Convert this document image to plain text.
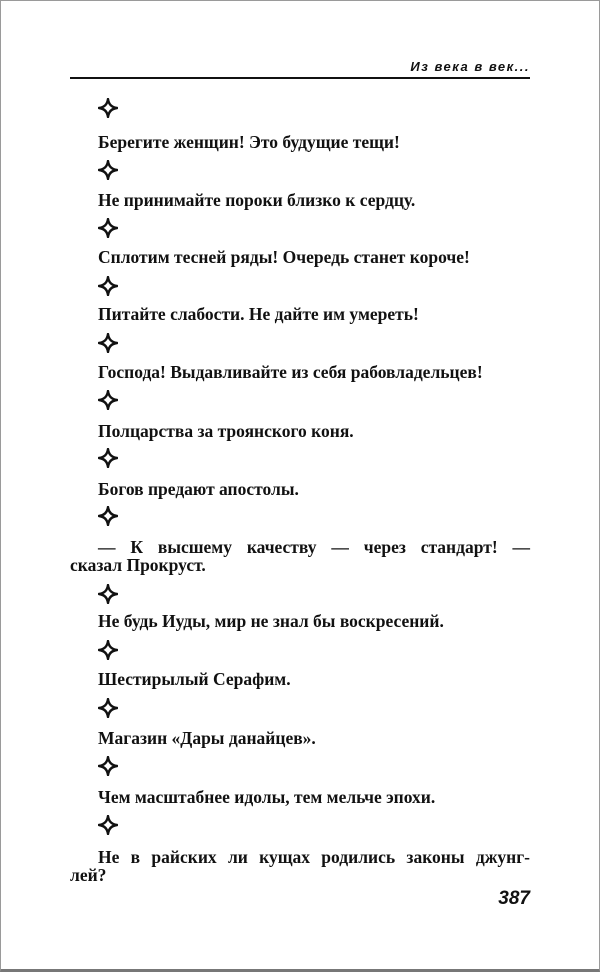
Из века в век...
Берегите женщин! Это будущие тещи!
Не принимайте пороки близко к сердцу.
Сплотим тесней ряды! Очередь станет короче!
Питайте слабости. Не дайте им умереть!
Господа! Выдавливайте из себя рабовладельцев!
Полцарства за троянского коня.
Богов предают апостолы.
— К высшему качеству — через стандарт! —
сказал Прокруст.
Не будь Иуды, мир не знал бы воскресений.
Шестирылый Серафим.
Магазин «Дары данайцев».
Чем масштабнее идолы, тем мельче эпохи.
Не в райских ли кущах родились законы джунг-
лей?
387
